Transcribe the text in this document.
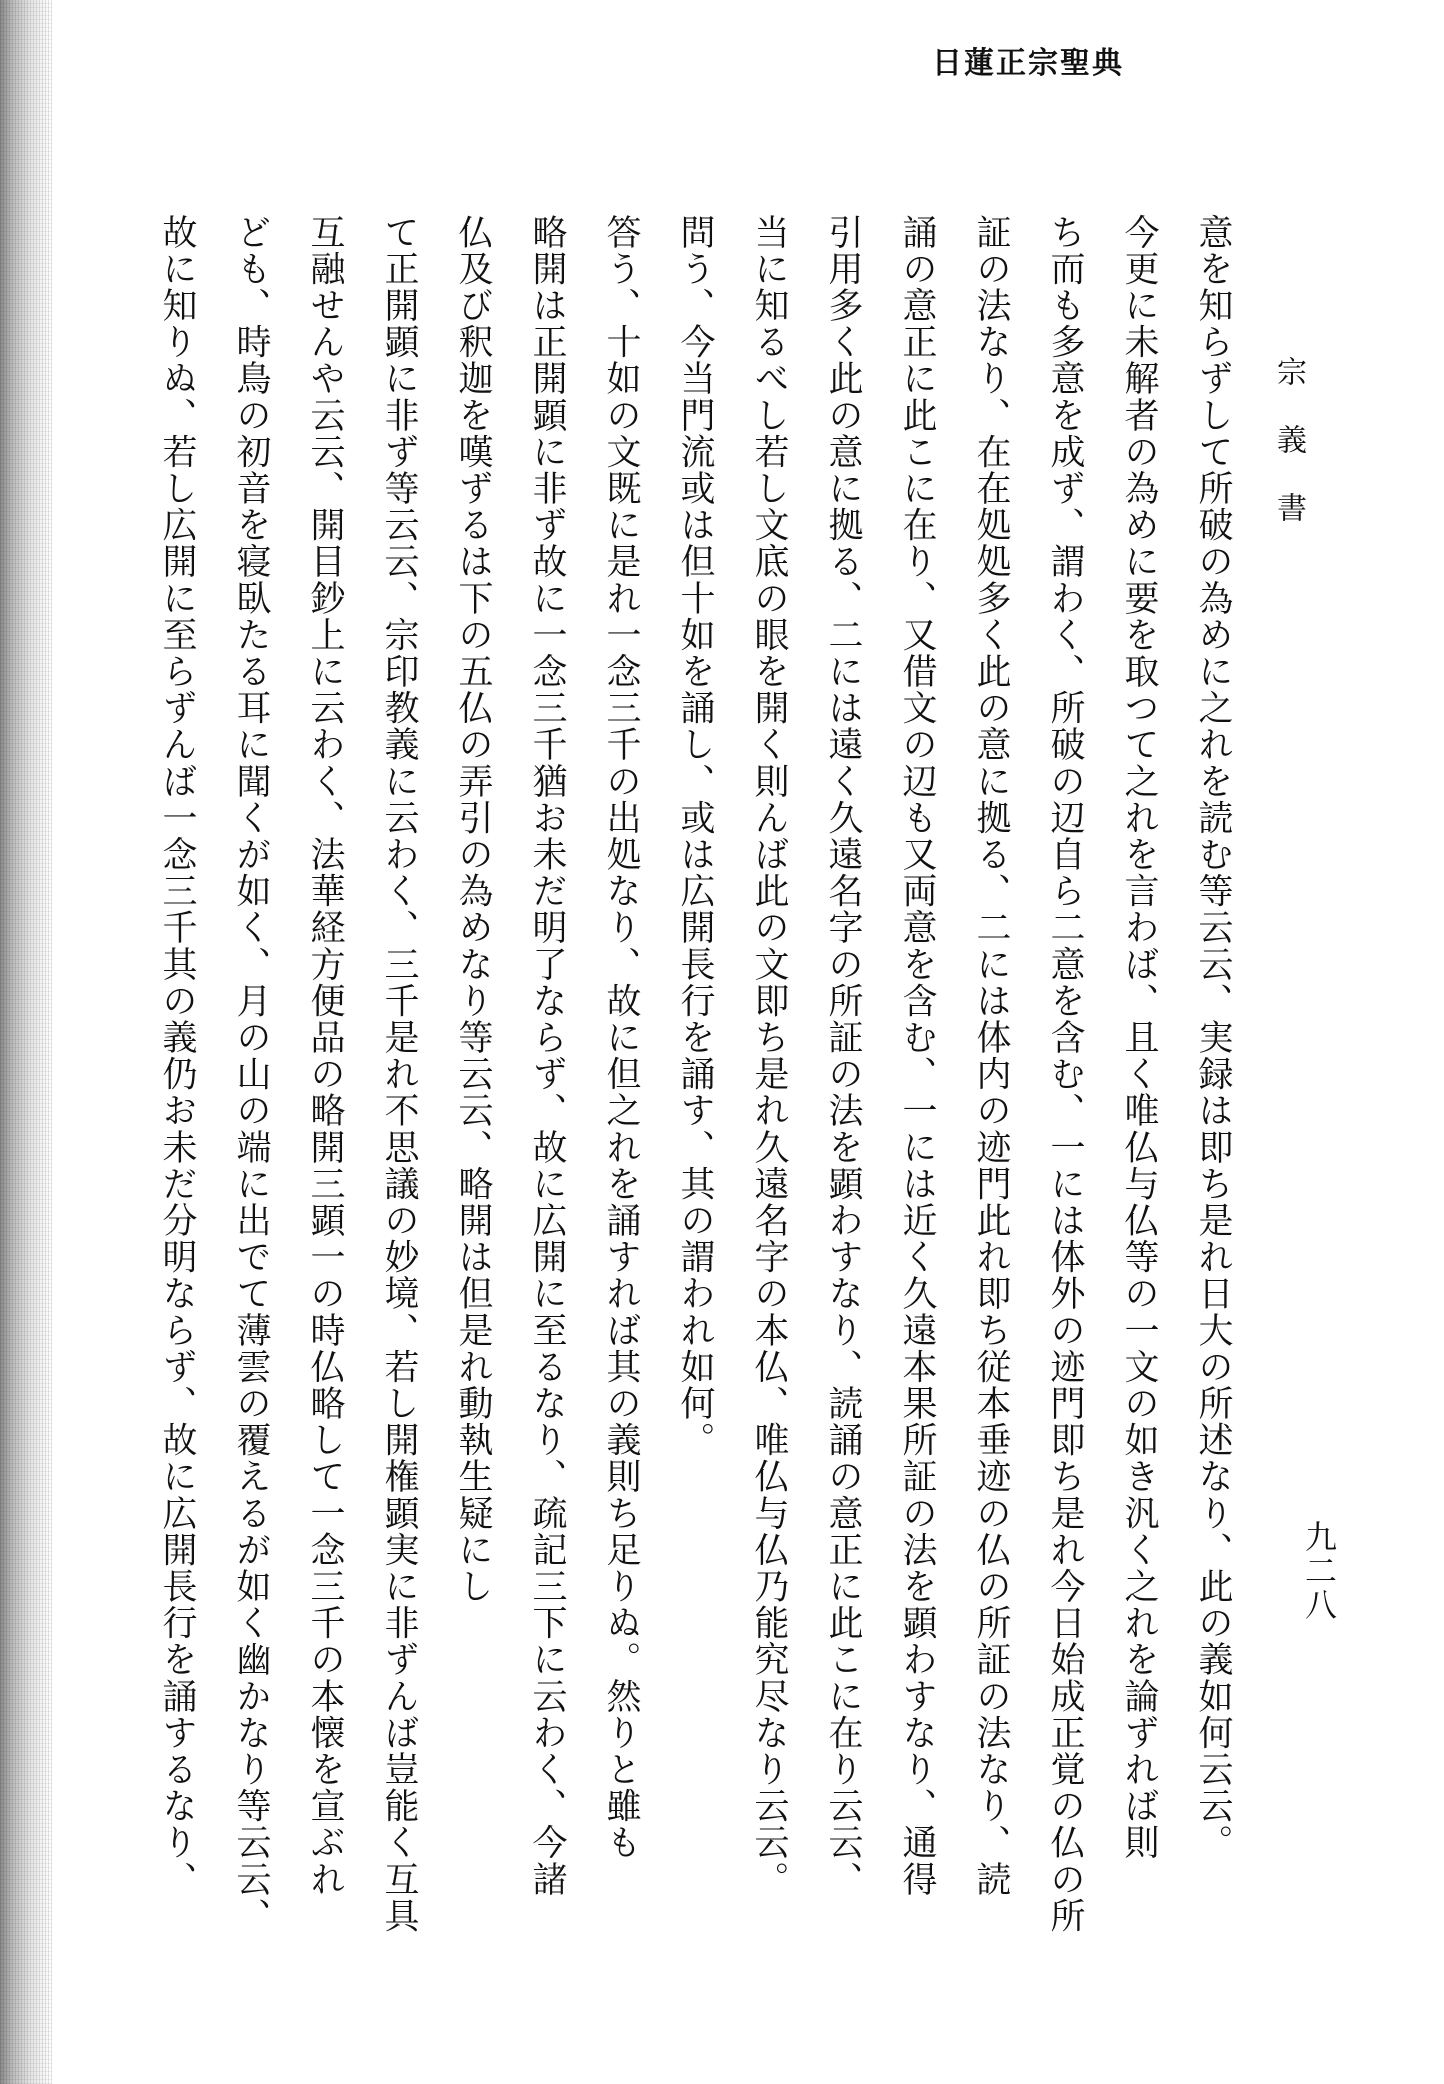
日蓮正宗聖典
宗義書
九二八

意を知らずして所破の為めに之れを読む等云云、実録は即ち是れ日大の所述なり、此の義如何云云。

今更に未解者の為めに要を取つて之れを言わば、且く唯仏与仏等の一文の如き汎く之れを論ずれば則

ち而も多意を成ず、謂わく、所破の辺自ら二意を含む、一には体外の迹門即ち是れ今日始成正覚の仏の所

証の法なり、在在処処多く此の意に拠る、二には体内の迹門此れ即ち従本垂迹の仏の所証の法なり、読

誦の意正に此こに在り、又借文の辺も又両意を含む、一には近く久遠本果所証の法を顕わすなり、通得

引用多く此の意に拠る、二には遠く久遠名字の所証の法を顕わすなり、読誦の意正に此こに在り云云、

当に知るべし若し文底の眼を開く則んば此の文即ち是れ久遠名字の本仏、唯仏与仏乃能究尽なり云云。

問う、今当門流或は但十如を誦し、或は広開長行を誦す、其の謂われ如何。

答う、十如の文既に是れ一念三千の出処なり、故に但之れを誦すれば其の義則ち足りぬ。然りと雖も

略開は正開顕に非ず故に一念三千猶お未だ明了ならず、故に広開に至るなり、疏記三下に云わく、今諸

仏及び釈迦を嘆ずるは下の五仏の弄引の為めなり等云云、略開は但是れ動執生疑にし

て正開顕に非ず等云云、宗印教義に云わく、三千是れ不思議の妙境、若し開権顕実に非ずんば豈能く互具

互融せんや云云、開目鈔上に云わく、法華経方便品の略開三顕一の時仏略して一念三千の本懐を宣ぶれ

ども、時鳥の初音を寝臥たる耳に聞くが如く、月の山の端に出でて薄雲の覆えるが如く幽かなり等云云、

故に知りぬ、若し広開に至らずんば一念三千其の義仍お未だ分明ならず、故に広開長行を誦するなり、
